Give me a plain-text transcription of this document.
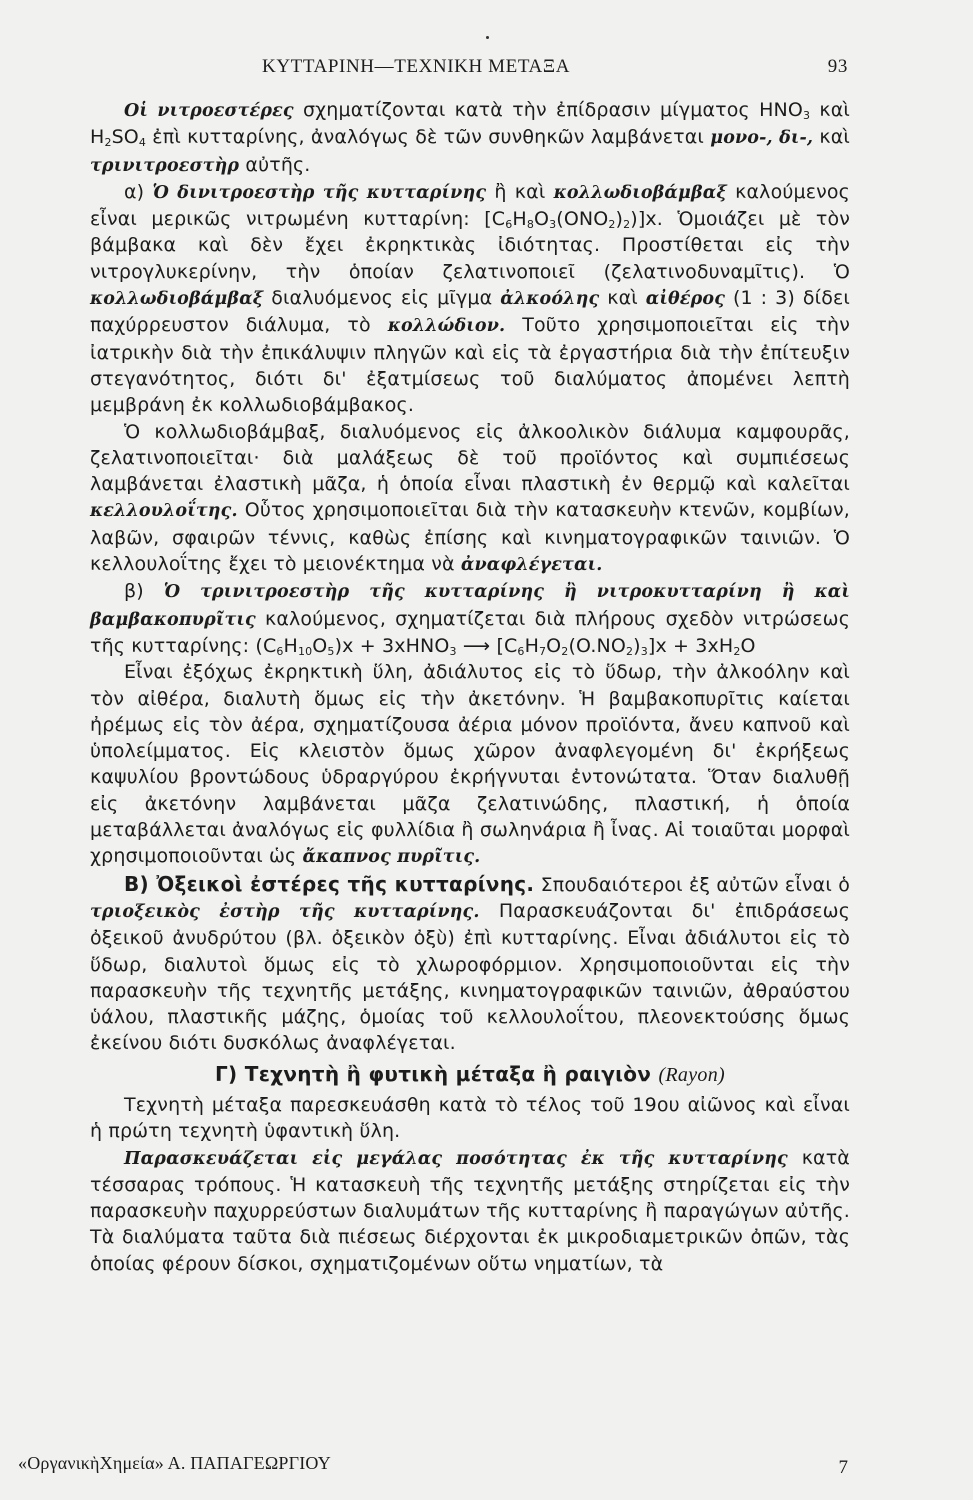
ΚΥΤΤΑΡΙΝΗ—ΤΕΧΝΙΚΗ ΜΕΤΑΞΑ	93

Οἱ νιτροεστέρες σχηματίζονται κατὰ τὴν ἐπίδρασιν μίγματος $HNO_3$ καὶ $H_2SO_4$ ἐπὶ κυτταρίνης, ἀναλόγως δὲ τῶν συνθηκῶν λαμβάνεται μονο-, δι-, καὶ τρινιτροεστὴρ αὐτῆς.

α) Ὁ δινιτροεστὴρ τῆς κυτταρίνης ἢ καὶ κολλωδιοβάμβαξ καλούμενος εἶναι μερικῶς νιτρωμένη κυτταρίνη: $[C_6H_8O_3(ONO_2)_2)]x$. Ὁμοιάζει μὲ τὸν βάμβακα καὶ δὲν ἔχει ἐκρηκτικὰς ἰδιότητας. Προστίθεται εἰς τὴν νιτρογλυκερίνην, τὴν ὁποίαν ζελατινοποιεῖ (ζελατινοδυναμῖτις). Ὁ κολλωδιοβάμβαξ διαλυόμενος εἰς μῖγμα ἀλκοόλης καὶ αἰθέρος (1 : 3) δίδει παχύρρευστον διάλυμα, τὸ κολλώδιον. Τοῦτο χρησιμοποιεῖται εἰς τὴν ἰατρικὴν διὰ τὴν ἐπικάλυψιν πληγῶν καὶ εἰς τὰ ἐργαστήρια διὰ τὴν ἐπίτευξιν στεγανότητος, διότι δι' ἐξατμίσεως τοῦ διαλύματος ἀπομένει λεπτὴ μεμβράνη ἐκ κολλωδιοβάμβακος.

Ὁ κολλωδιοβάμβαξ, διαλυόμενος εἰς ἀλκοολικὸν διάλυμα καμφουρᾶς, ζελατινοποιεῖται· διὰ μαλάξεως δὲ τοῦ προϊόντος καὶ συμπιέσεως λαμβάνεται ἐλαστικὴ μᾶζα, ἡ ὁποία εἶναι πλαστικὴ ἐν θερμῷ καὶ καλεῖται κελλουλοΐτης. Οὗτος χρησιμοποιεῖται διὰ τὴν κατασκευὴν κτενῶν, κομβίων, λαβῶν, σφαιρῶν τέννις, καθὼς ἐπίσης καὶ κινηματογραφικῶν ταινιῶν. Ὁ κελλουλοΐτης ἔχει τὸ μειονέκτημα νὰ ἀναφλέγεται.

β) Ὁ τρινιτροεστὴρ τῆς κυτταρίνης ἢ νιτροκυτταρίνη ἢ καὶ βαμβακοπυρῖτις καλούμενος, σχηματίζεται διὰ πλήρους σχεδὸν νιτρώσεως τῆς κυτταρίνης: $(C_6H_{10}O_5)x$ + 3xHNO$_3$ ⟶ $[C_6H_7O_2(O.NO_2)_3]x + 3xH_2O$

Εἶναι ἐξόχως ἐκρηκτικὴ ὕλη, ἀδιάλυτος εἰς τὸ ὕδωρ, τὴν ἀλκοόλην καὶ τὸν αἰθέρα, διαλυτὴ ὅμως εἰς τὴν ἀκετόνην. Ἡ βαμβακοπυρῖτις καίεται ἠρέμως εἰς τὸν ἀέρα, σχηματίζουσα ἀέρια μόνον προϊόντα, ἄνευ καπνοῦ καὶ ὑπολείμματος. Εἰς κλειστὸν ὅμως χῶρον ἀναφλεγομένη δι' ἐκρήξεως καψυλίου βροντώδους ὑδραργύρου ἐκρήγνυται ἐντονώτατα. Ὅταν διαλυθῇ εἰς ἀκετόνην λαμβάνεται μᾶζα ζελατινώδης, πλαστική, ἡ ὁποία μεταβάλλεται ἀναλόγως εἰς φυλλίδια ἢ σωληνάρια ἢ ἶνας. Αἱ τοιαῦται μορφαὶ χρησιμοποιοῦνται ὡς ἄκαπνος πυρῖτις.

Β) Ὀξεικοὶ ἐστέρες τῆς κυτταρίνης. Σπουδαιότεροι ἐξ αὐτῶν εἶναι ὁ τριοξεικὸς ἐστὴρ τῆς κυτταρίνης. Παρασκευάζονται δι' ἐπιδράσεως ὀξεικοῦ ἀνυδρύτου (βλ. ὀξεικὸν ὀξὺ) ἐπὶ κυτταρίνης. Εἶναι ἀδιάλυτοι εἰς τὸ ὕδωρ, διαλυτοὶ ὅμως εἰς τὸ χλωροφόρμιον. Χρησιμοποιοῦνται εἰς τὴν παρασκευὴν τῆς τεχνητῆς μετάξης, κινηματογραφικῶν ταινιῶν, ἀθραύστου ὑάλου, πλαστικῆς μάζης, ὁμοίας τοῦ κελλουλοΐτου, πλεονεκτούσης ὅμως ἐκείνου διότι δυσκόλως ἀναφλέγεται.

Γ) Τεχνητὴ ἢ φυτικὴ μέταξα ἢ ραιγιὸν (Rayon)

Τεχνητὴ μέταξα παρεσκευάσθη κατὰ τὸ τέλος τοῦ 19ου αἰῶνος καὶ εἶναι ἡ πρώτη τεχνητὴ ὑφαντικὴ ὕλη.

Παρασκευάζεται εἰς μεγάλας ποσότητας ἐκ τῆς κυτταρίνης κατὰ τέσσαρας τρόπους. Ἡ κατασκευὴ τῆς τεχνητῆς μετάξης στηρίζεται εἰς τὴν παρασκευὴν παχυρρεύστων διαλυμάτων τῆς κυτταρίνης ἢ παραγώγων αὐτῆς. Τὰ διαλύματα ταῦτα διὰ πιέσεως διέρχονται ἐκ μικροδιαμετρικῶν ὀπῶν, τὰς ὁποίας φέρουν δίσκοι, σχηματιζομένων οὕτω νηματίων, τὰ

«ΟργανικὴΧημεία» Α. ΠΑΠΑΓΕΩΡΓΙΟΥ	7
